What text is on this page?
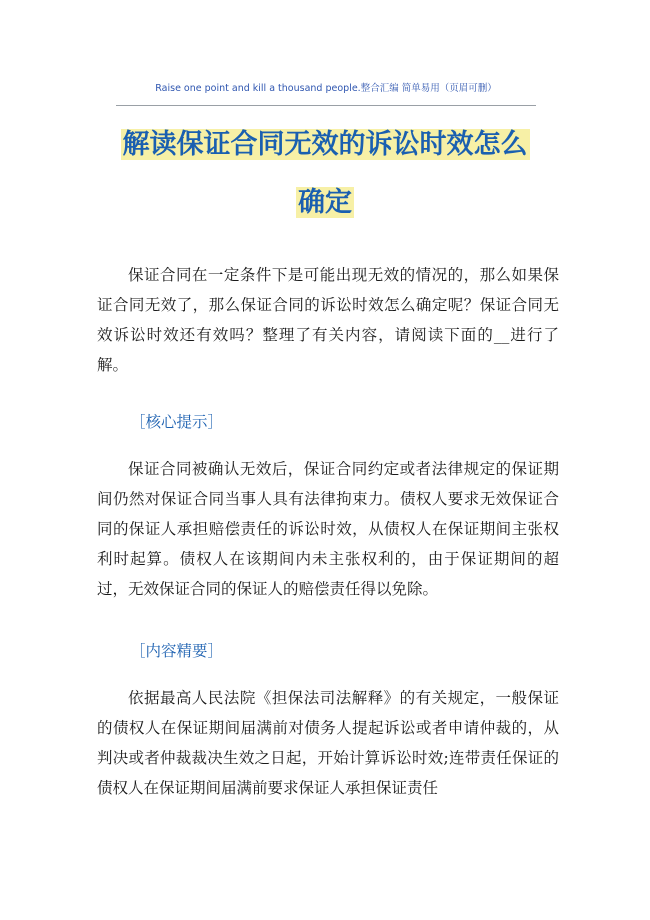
Raise one point and kill a thousand people.整合汇编 简单易用（页眉可删）
解读保证合同无效的诉讼时效怎么
确定

保证合同在一定条件下是可能出现无效的情况的，那么如果保证合同无效了，那么保证合同的诉讼时效怎么确定呢？保证合同无效诉讼时效还有效吗？整理了有关内容，请阅读下面的__进行了解。

［核心提示］

保证合同被确认无效后，保证合同约定或者法律规定的保证期间仍然对保证合同当事人具有法律拘束力。债权人要求无效保证合同的保证人承担赔偿责任的诉讼时效，从债权人在保证期间主张权利时起算。债权人在该期间内未主张权利的，由于保证期间的超过，无效保证合同的保证人的赔偿责任得以免除。

［内容精要］

依据最高人民法院《担保法司法解释》的有关规定，一般保证的债权人在保证期间届满前对债务人提起诉讼或者申请仲裁的，从判决或者仲裁裁决生效之日起，开始计算诉讼时效;连带责任保证的债权人在保证期间届满前要求保证人承担保证责任
